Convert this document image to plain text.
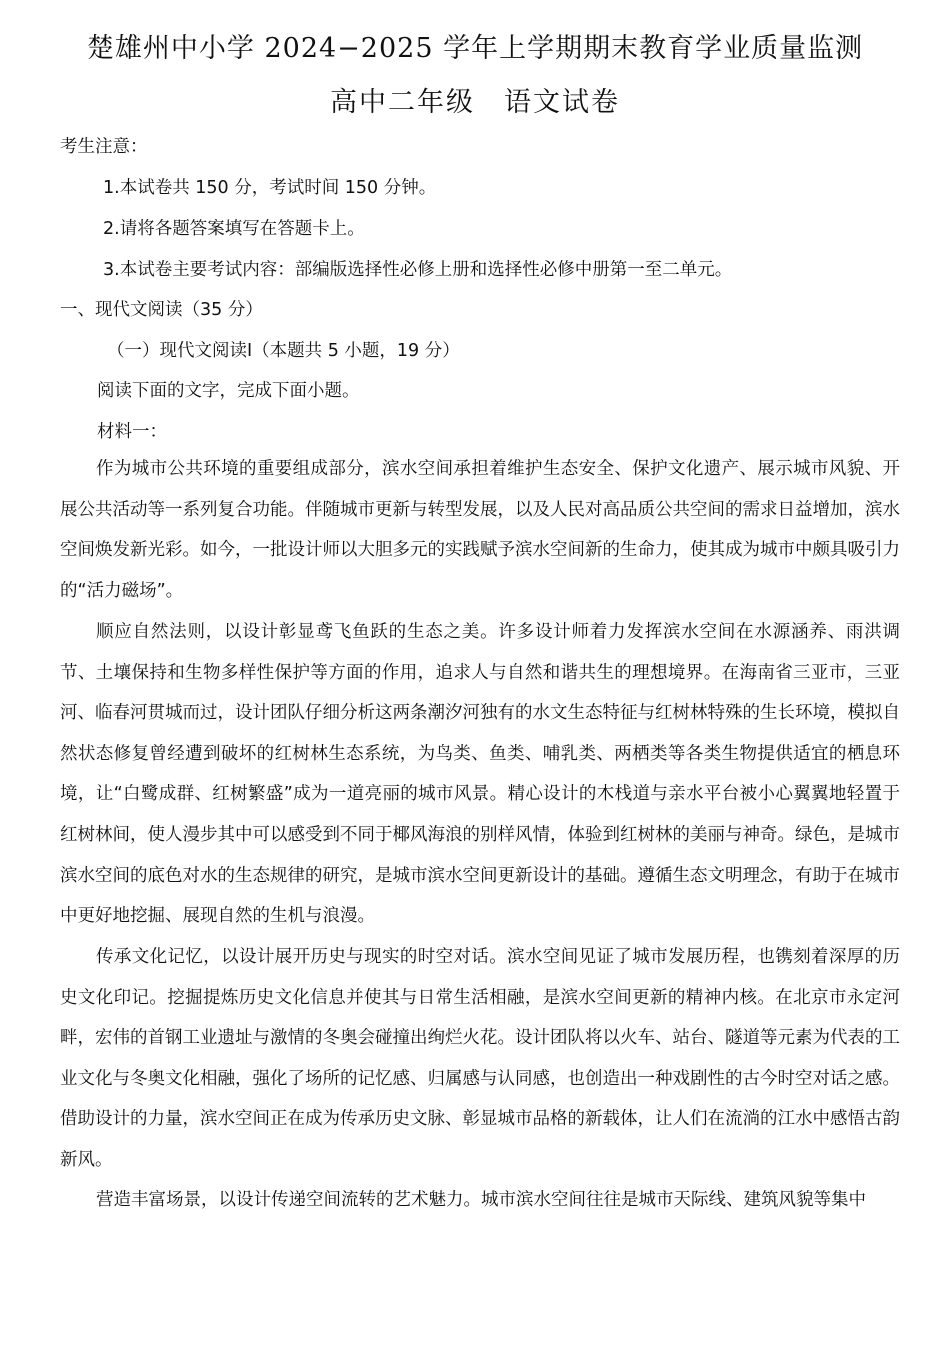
楚雄州中小学 2024−2025 学年上学期期末教育学业质量监测
高中二年级　语文试卷
考生注意：
1.本试卷共 150 分，考试时间 150 分钟。
2.请将各题答案填写在答题卡上。
3.本试卷主要考试内容：部编版选择性必修上册和选择性必修中册第一至二单元。
一、现代文阅读（35 分）
（一）现代文阅读Ⅰ（本题共 5 小题，19 分）
阅读下面的文字，完成下面小题。
材料一：

作为城市公共环境的重要组成部分，滨水空间承担着维护生态安全、保护文化遗产、展示城市风貌、开展公共活动等一系列复合功能。伴随城市更新与转型发展，以及人民对高品质公共空间的需求日益增加，滨水空间焕发新光彩。如今，一批设计师以大胆多元的实践赋予滨水空间新的生命力，使其成为城市中颇具吸引力的“活力磁场”。

顺应自然法则，以设计彰显鸢飞鱼跃的生态之美。许多设计师着力发挥滨水空间在水源涵养、雨洪调节、土壤保持和生物多样性保护等方面的作用，追求人与自然和谐共生的理想境界。在海南省三亚市，三亚河、临春河贯城而过，设计团队仔细分析这两条潮汐河独有的水文生态特征与红树林特殊的生长环境，模拟自然状态修复曾经遭到破坏的红树林生态系统，为鸟类、鱼类、哺乳类、两栖类等各类生物提供适宜的栖息环境，让“白鹭成群、红树繁盛”成为一道亮丽的城市风景。精心设计的木栈道与亲水平台被小心翼翼地轻置于红树林间，使人漫步其中可以感受到不同于椰风海浪的别样风情，体验到红树林的美丽与神奇。绿色，是城市滨水空间的底色对水的生态规律的研究，是城市滨水空间更新设计的基础。遵循生态文明理念，有助于在城市中更好地挖掘、展现自然的生机与浪漫。

传承文化记忆，以设计展开历史与现实的时空对话。滨水空间见证了城市发展历程，也镌刻着深厚的历史文化印记。挖掘提炼历史文化信息并使其与日常生活相融，是滨水空间更新的精神内核。在北京市永定河畔，宏伟的首钢工业遗址与激情的冬奥会碰撞出绚烂火花。设计团队将以火车、站台、隧道等元素为代表的工业文化与冬奥文化相融，强化了场所的记忆感、归属感与认同感，也创造出一种戏剧性的古今时空对话之感。借助设计的力量，滨水空间正在成为传承历史文脉、彰显城市品格的新载体，让人们在流淌的江水中感悟古韵新风。

营造丰富场景，以设计传递空间流转的艺术魅力。城市滨水空间往往是城市天际线、建筑风貌等集中
